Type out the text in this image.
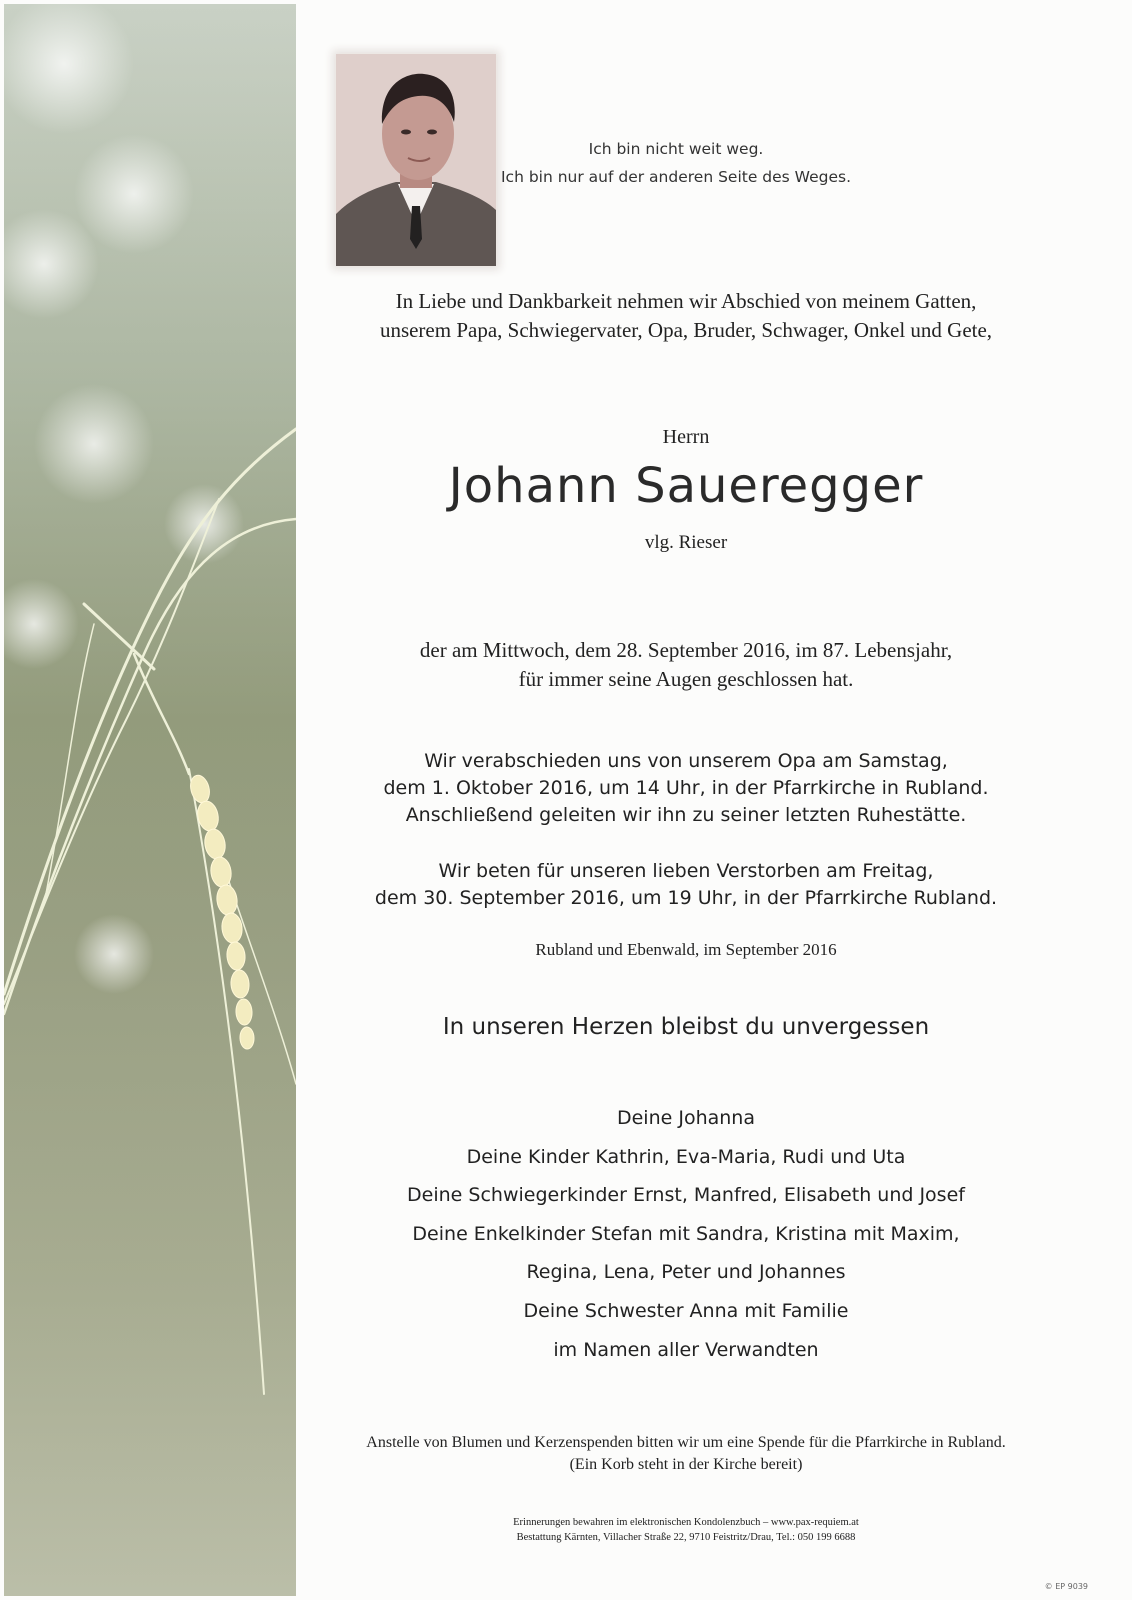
Ich bin nicht weit weg.
Ich bin nur auf der anderen Seite des Weges.
In Liebe und Dankbarkeit nehmen wir Abschied von meinem Gatten,
unserem Papa, Schwiegervater, Opa, Bruder, Schwager, Onkel und Gete,
Herrn
Johann Saueregger
vlg. Rieser
der am Mittwoch, dem 28. September 2016, im 87. Lebensjahr,
für immer seine Augen geschlossen hat.
Wir verabschieden uns von unserem Opa am Samstag,
dem 1. Oktober 2016, um 14 Uhr, in der Pfarrkirche in Rubland.
Anschließend geleiten wir ihn zu seiner letzten Ruhestätte.
Wir beten für unseren lieben Verstorben am Freitag,
dem 30. September 2016, um 19 Uhr, in der Pfarrkirche Rubland.
Rubland und Ebenwald, im September 2016
In unseren Herzen bleibst du unvergessen
Deine Johanna
Deine Kinder Kathrin, Eva-Maria, Rudi und Uta
Deine Schwiegerkinder Ernst, Manfred, Elisabeth und Josef
Deine Enkelkinder Stefan mit Sandra, Kristina mit Maxim,
Regina, Lena, Peter und Johannes
Deine Schwester Anna mit Familie
im Namen aller Verwandten
Anstelle von Blumen und Kerzenspenden bitten wir um eine Spende für die Pfarrkirche in Rubland.
(Ein Korb steht in der Kirche bereit)
Erinnerungen bewahren im elektronischen Kondolenzbuch – www.pax-requiem.at
Bestattung Kärnten, Villacher Straße 22, 9710 Feistritz/Drau, Tel.: 050 199 6688
© EP 9039
